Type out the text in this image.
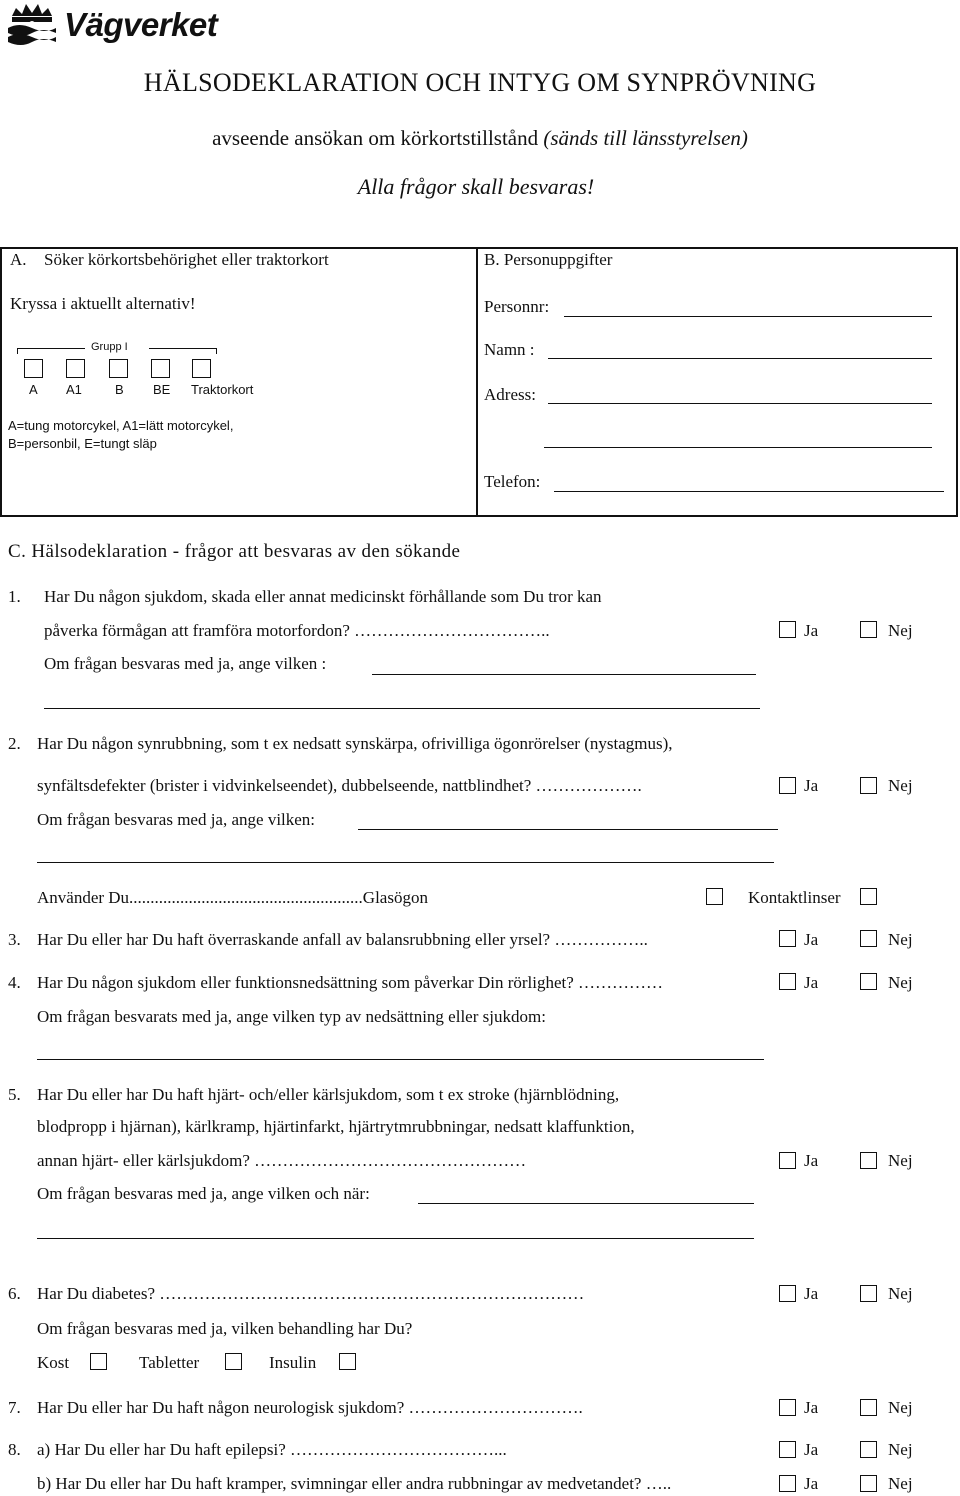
Vägverket
HÄLSODEKLARATION OCH INTYG OM SYNPRÖVNING
avseende ansökan om körkortstillstånd (sänds till länsstyrelsen)
Alla frågor skall besvaras!
A. Söker körkortsbehörighet eller traktorkort
Kryssa i aktuellt alternativ!
Grupp I
A A1	B BE Traktorkort
A=tung motorcykel, A1=lätt motorcykel,
B=personbil, E=tungt släp
B. Personuppgifter
Personnr:
Namn :
Adress:
Telefon:
C. Hälsodeklaration - frågor att besvaras av den sökande
1. Har Du någon sjukdom, skada eller annat medicinskt förhållande som Du tror kan
påverka förmågan att framföra motorfordon? ……………………………..	Ja	Nej
Om frågan besvaras med ja, ange vilken :
2. Har Du någon synrubbning, som t ex nedsatt synskärpa, ofrivilliga ögonrörelser (nystagmus),
synfältsdefekter (brister i vidvinkelseendet), dubbelseende, nattblindhet? ……………….	Ja	Nej
Om frågan besvaras med ja, ange vilken:
Använder Du.......................................................Glasögon	Kontaktlinser
3. Har Du eller har Du haft överraskande anfall av balansrubbning eller yrsel? ……………..	Ja	Nej
4. Har Du någon sjukdom eller funktionsnedsättning som påverkar Din rörlighet? ……………	Ja	Nej
Om frågan besvarats med ja, ange vilken typ av nedsättning eller sjukdom:
5. Har Du eller har Du haft hjärt- och/eller kärlsjukdom, som t ex stroke (hjärnblödning,
blodpropp i hjärnan), kärlkramp, hjärtinfarkt, hjärtrytmrubbningar, nedsatt klaffunktion,
annan hjärt- eller kärlsjukdom? …………………………………………	Ja	Nej
Om frågan besvaras med ja, ange vilken och när:
6. Har Du diabetes? …………………………………………………………………	Ja	Nej
Om frågan besvaras med ja, vilken behandling har Du?
Kost	Tabletter	Insulin
7. Har Du eller har Du haft någon neurologisk sjukdom? ………………………….	Ja	Nej
8. a) Har Du eller har Du haft epilepsi? ………………………………...	Ja	Nej
b) Har Du eller har Du haft kramper, svimningar eller andra rubbningar av medvetandet? …..	Ja	Nej
